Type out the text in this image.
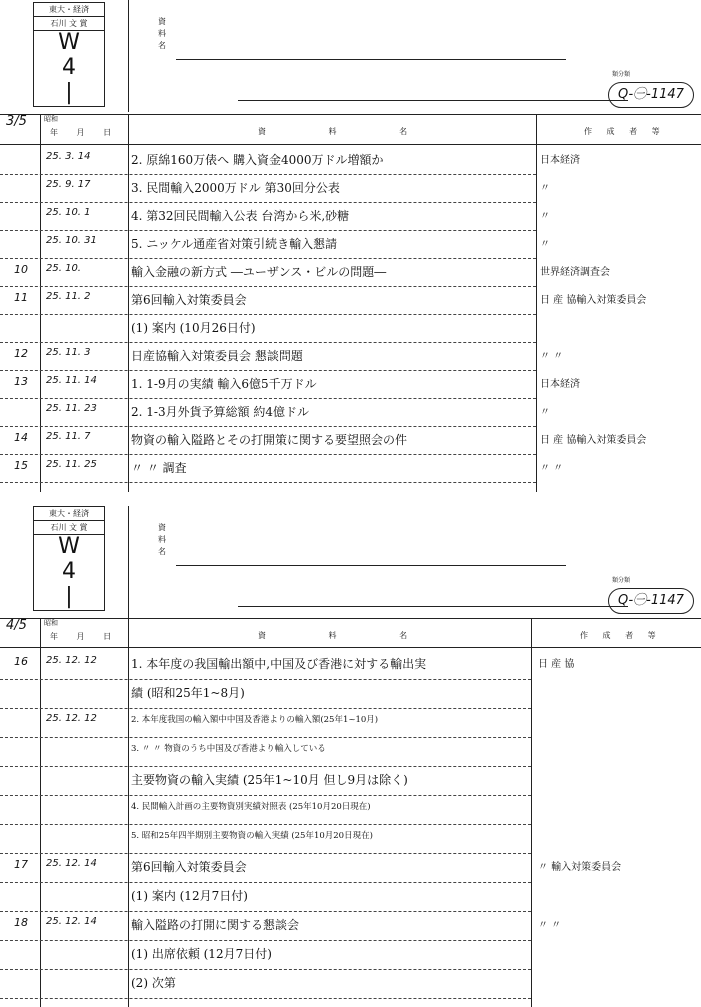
東大・経済
石川 文 賞
W
4
|
資
料
名
類分類
Q-㊀-1147
3/5 昭和
年 月 日	資 料 名	作 成 者 等
25. 3. 14	2. 原綿160万俵へ 購入資金4000万ドル増額か	日本経済
25. 9. 17	3. 民間輸入2000万ドル 第30回分公表	〃
25. 10. 1	4. 第32回民間輸入公表 台湾から米,砂糖	〃
25. 10. 31	5. ニッケル通産省対策引続き輸入懇請	〃
10 25. 10.	輸入金融の新方式 ―ユーザンス・ビルの問題―	世界経済調査会
11 25. 11. 2	第6回輸入対策委員会	日 産 協輸入対策委員会
(1) 案内 (10月26日付)
12 25. 11. 3	日産協輸入対策委員会 懇談問題	〃 〃
13 25. 11. 14	1. 1-9月の実績 輸入6億5千万ドル	日本経済
25. 11. 23	2. 1-3月外貨予算総額 約4億ドル	〃
14 25. 11. 7	物資の輸入隘路とその打開策に関する要望照会の件	日 産 協輸入対策委員会
15 25. 11. 25	〃 〃 調査	〃 〃
東大・経済
石川 文 賞
W
4
|
資
料
名
類分類
Q-㊀-1147
4/5 昭和
年 月 日	資 料 名	作 成 者 等
16 25. 12. 12	1. 本年度の我国輸出額中,中国及び香港に対する輸出実	日 産 協
績 (昭和25年1~8月)
25. 12. 12	2. 本年度我国の輸入額中中国及香港よりの輸入額(25年1~10月)
3. 〃 〃 物資のうち中国及び香港より輸入している
主要物資の輸入実績 (25年1~10月 但し9月は除く)
4. 民間輸入計画の主要物資別実績対照表 (25年10月20日現在)
5. 昭和25年四半期別主要物資の輸入実績 (25年10月20日現在)
17 25. 12. 14	第6回輸入対策委員会	〃 輸入対策委員会
(1) 案内 (12月7日付)
18 25. 12. 14	輸入隘路の打開に関する懇談会	〃 〃
(1) 出席依頼 (12月7日付)
(2) 次第
